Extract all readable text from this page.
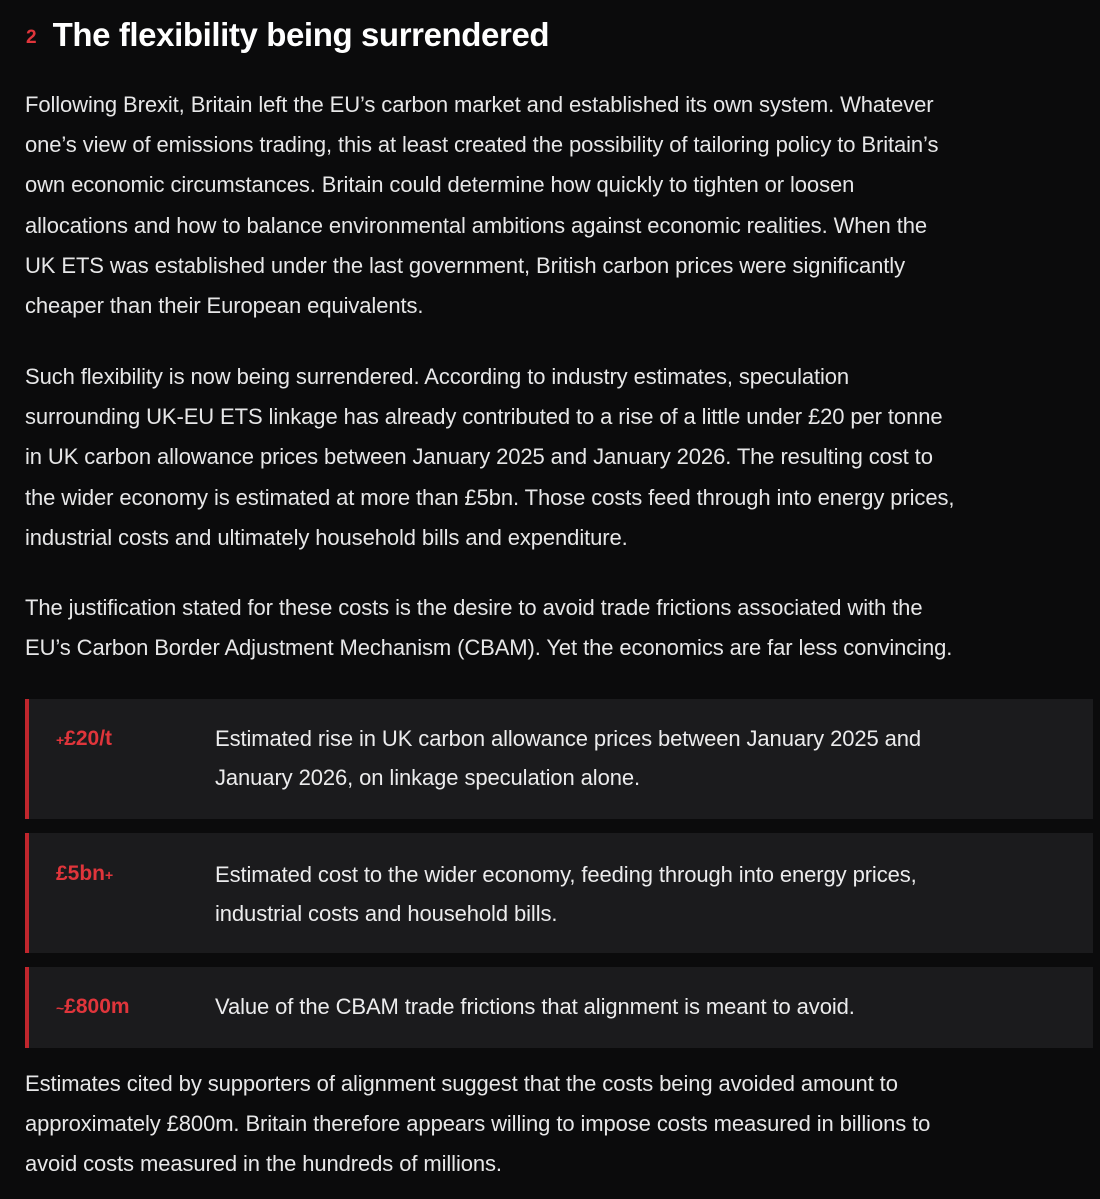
2 The flexibility being surrendered

Following Brexit, Britain left the EU’s carbon market and established its own system. Whatever
one’s view of emissions trading, this at least created the possibility of tailoring policy to Britain’s
own economic circumstances. Britain could determine how quickly to tighten or loosen
allocations and how to balance environmental ambitions against economic realities. When the
UK ETS was established under the last government, British carbon prices were significantly
cheaper than their European equivalents.

Such flexibility is now being surrendered. According to industry estimates, speculation
surrounding UK-EU ETS linkage has already contributed to a rise of a little under £20 per tonne
in UK carbon allowance prices between January 2025 and January 2026. The resulting cost to
the wider economy is estimated at more than £5bn. Those costs feed through into energy prices,
industrial costs and ultimately household bills and expenditure.

The justification stated for these costs is the desire to avoid trade frictions associated with the
EU’s Carbon Border Adjustment Mechanism (CBAM). Yet the economics are far less convincing.

+£20/t	Estimated rise in UK carbon allowance prices between January 2025 and
January 2026, on linkage speculation alone.

£5bn+	Estimated cost to the wider economy, feeding through into energy prices,
industrial costs and household bills.

~£800m	Value of the CBAM trade frictions that alignment is meant to avoid.

Estimates cited by supporters of alignment suggest that the costs being avoided amount to
approximately £800m. Britain therefore appears willing to impose costs measured in billions to
avoid costs measured in the hundreds of millions.
